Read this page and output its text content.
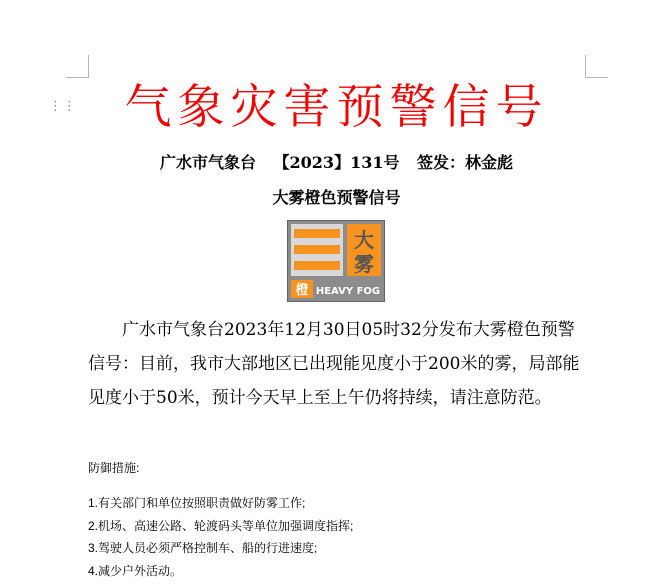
⋮⋮	气象灾害预警信号
广水市气象台 【2023】131号 签发：林金彪
大雾橙色预警信号
大
雾
橙 HEAVY FOG
广水市气象台2023年12月30日05时32分发布大雾橙色预警信号：目前，我市大部地区已出现能见度小于200米的雾，局部能见度小于50米，预计今天早上至上午仍将持续，请注意防范。
防御措施:
1.有关部门和单位按照职责做好防雾工作;
2.机场、高速公路、轮渡码头等单位加强调度指挥;
3.驾驶人员必须严格控制车、船的行进速度;
4.减少户外活动。
